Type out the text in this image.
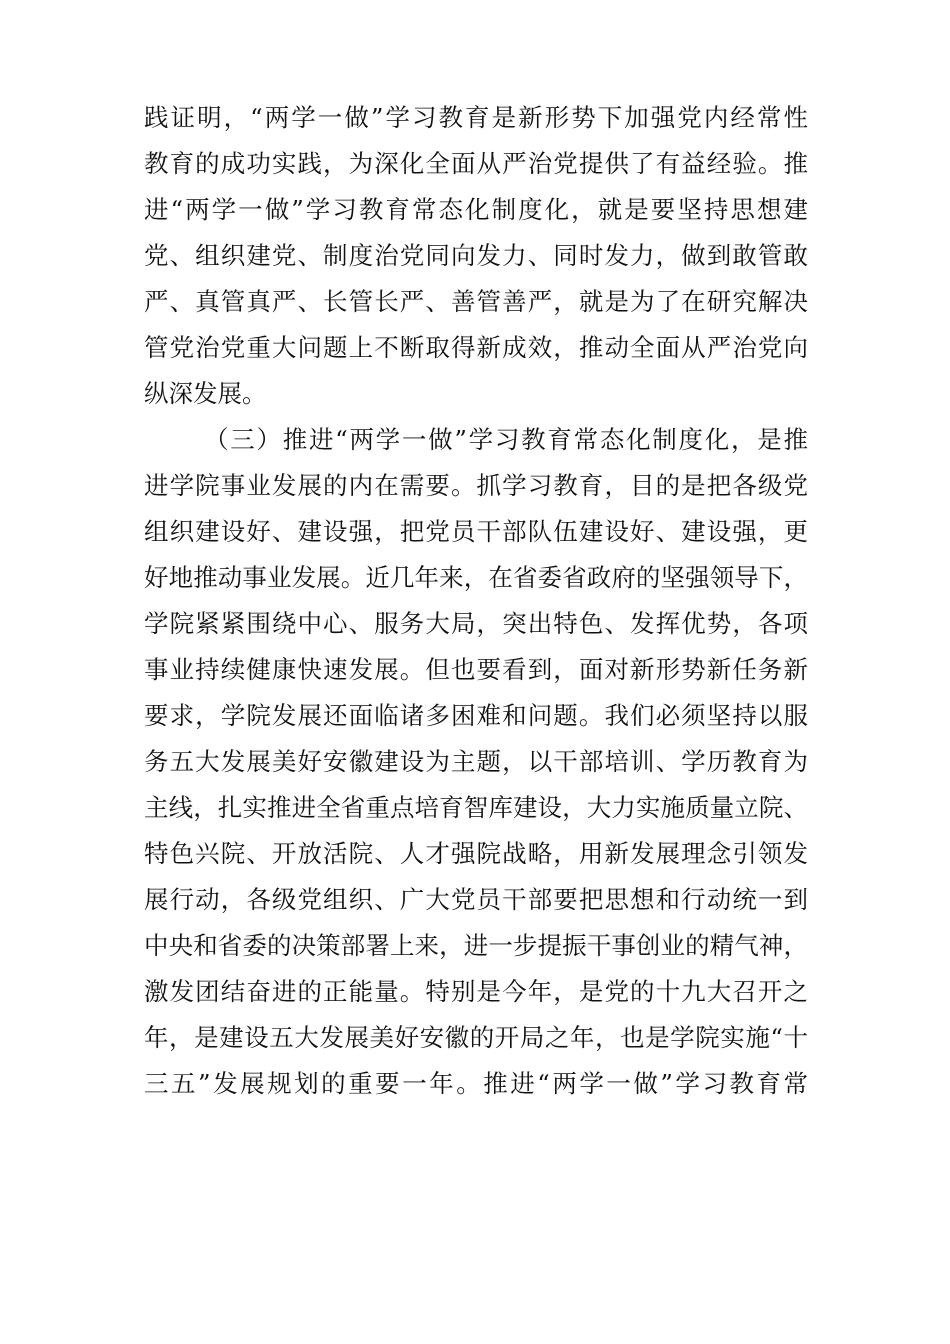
践证明，“两学一做”学习教育是新形势下加强党内经常性
教育的成功实践，为深化全面从严治党提供了有益经验。推
进“两学一做”学习教育常态化制度化，就是要坚持思想建
党、组织建党、制度治党同向发力、同时发力，做到敢管敢
严、真管真严、长管长严、善管善严，就是为了在研究解决
管党治党重大问题上不断取得新成效，推动全面从严治党向
纵深发展。
（三）推进“两学一做”学习教育常态化制度化，是推
进学院事业发展的内在需要。抓学习教育，目的是把各级党
组织建设好、建设强，把党员干部队伍建设好、建设强，更
好地推动事业发展。近几年来，在省委省政府的坚强领导下，
学院紧紧围绕中心、服务大局，突出特色、发挥优势，各项
事业持续健康快速发展。但也要看到，面对新形势新任务新
要求，学院发展还面临诸多困难和问题。我们必须坚持以服
务五大发展美好安徽建设为主题，以干部培训、学历教育为
主线，扎实推进全省重点培育智库建设，大力实施质量立院、
特色兴院、开放活院、人才强院战略，用新发展理念引领发
展行动，各级党组织、广大党员干部要把思想和行动统一到
中央和省委的决策部署上来，进一步提振干事创业的精气神，
激发团结奋进的正能量。特别是今年，是党的十九大召开之
年，是建设五大发展美好安徽的开局之年，也是学院实施“十
三五”发展规划的重要一年。推进“两学一做”学习教育常
